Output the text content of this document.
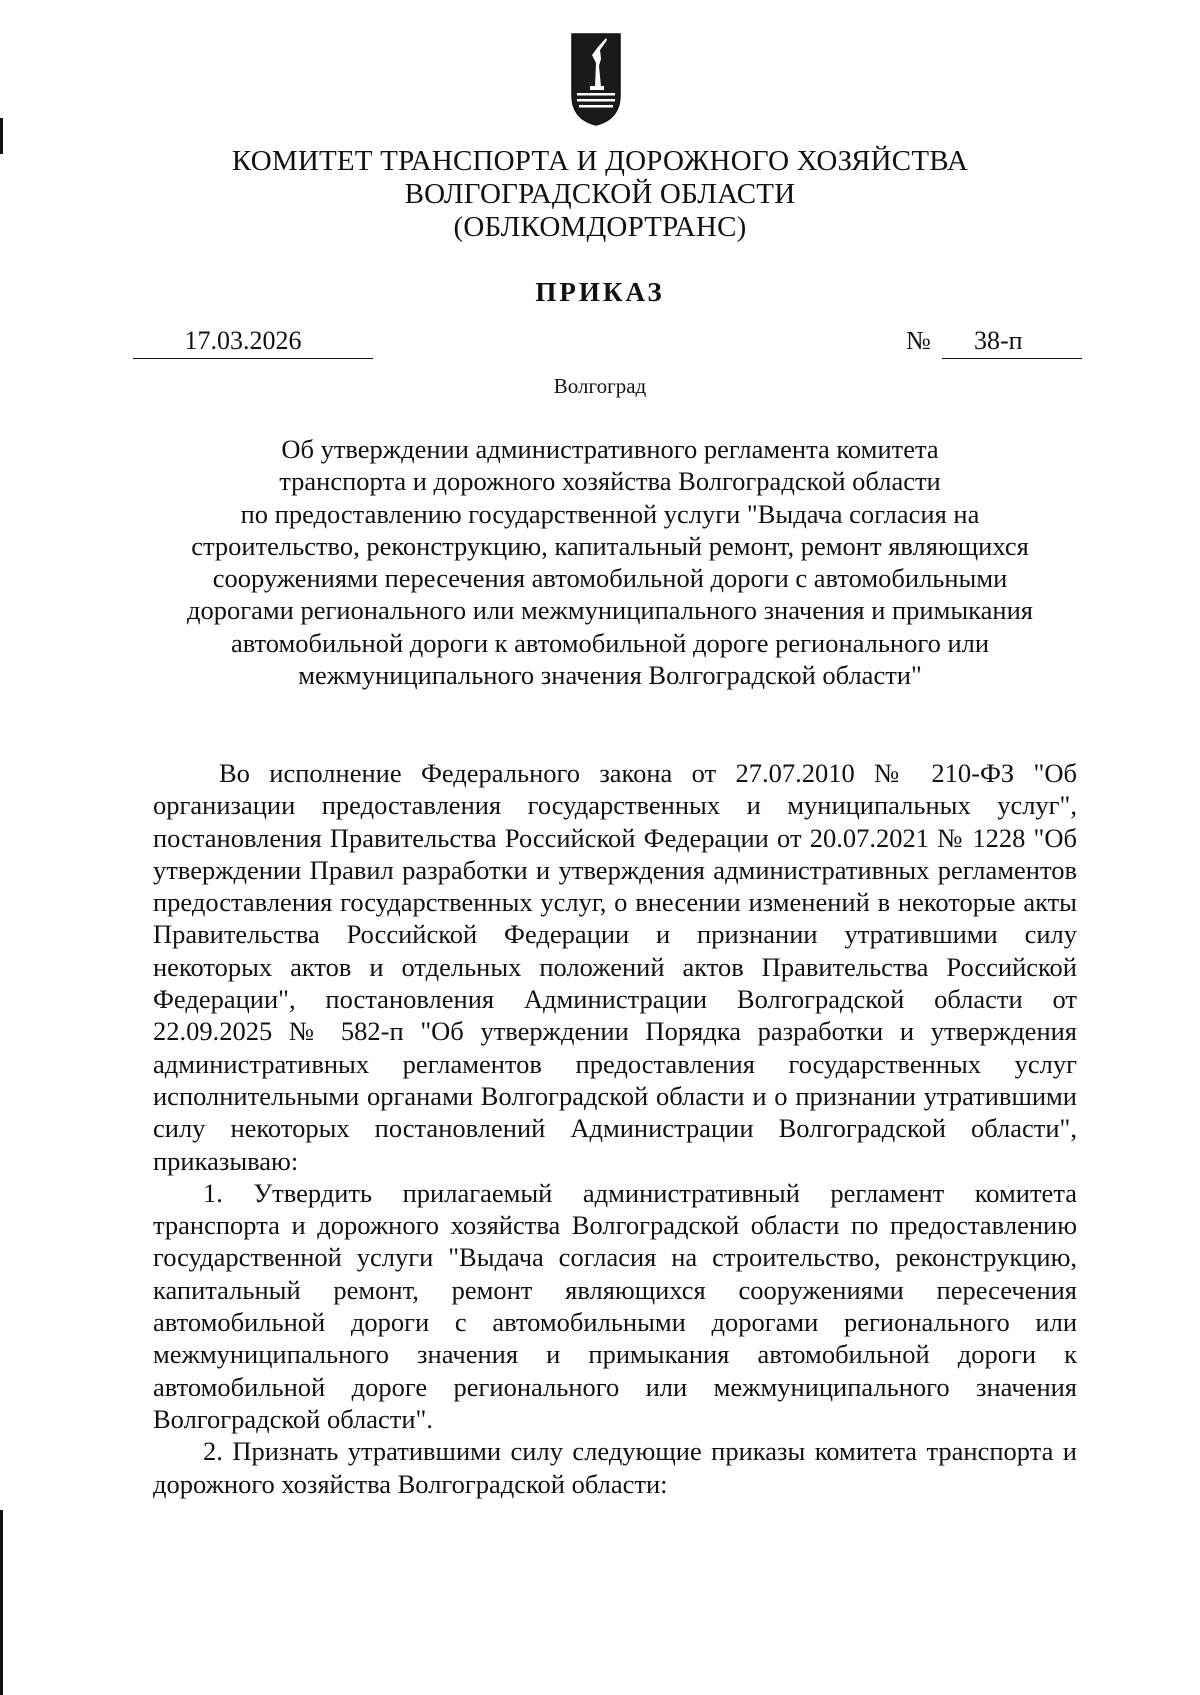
КОМИТЕТ ТРАНСПОРТА И ДОРОЖНОГО ХОЗЯЙСТВА
ВОЛГОГРАДСКОЙ ОБЛАСТИ
(ОБЛКОМДОРТРАНС)
ПРИКАЗ
17.03.2026	№	38-п
Волгоград
Об утверждении административного регламента комитета
транспорта и дорожного хозяйства Волгоградской области
по предоставлению государственной услуги "Выдача согласия на
строительство, реконструкцию, капитальный ремонт, ремонт являющихся
сооружениями пересечения автомобильной дороги с автомобильными
дорогами регионального или межмуниципального значения и примыкания
автомобильной дороги к автомобильной дороге регионального или
межмуниципального значения Волгоградской области"

Во исполнение Федерального закона от 27.07.2010 № 210-ФЗ "Об организации предоставления государственных и муниципальных услуг", постановления Правительства Российской Федерации от 20.07.2021 № 1228 "Об утверждении Правил разработки и утверждения административных регламентов предоставления государственных услуг, о внесении изменений в некоторые акты Правительства Российской Федерации и признании утратившими силу некоторых актов и отдельных положений актов Правительства Российской Федерации", постановления Администрации Волгоградской области от 22.09.2025 № 582-п "Об утверждении Порядка разработки и утверждения административных регламентов предоставления государственных услуг исполнительными органами Волгоградской области и о признании утратившими силу некоторых постановлений Администрации Волгоградской области", приказываю:

1. Утвердить прилагаемый административный регламент комитета транспорта и дорожного хозяйства Волгоградской области по предоставлению государственной услуги "Выдача согласия на строительство, реконструкцию, капитальный ремонт, ремонт являющихся сооружениями пересечения автомобильной дороги с автомобильными дорогами регионального или межмуниципального значения и примыкания автомобильной дороги к автомобильной дороге регионального или межмуниципального значения Волгоградской области".

2. Признать утратившими силу следующие приказы комитета транспорта и дорожного хозяйства Волгоградской области:
